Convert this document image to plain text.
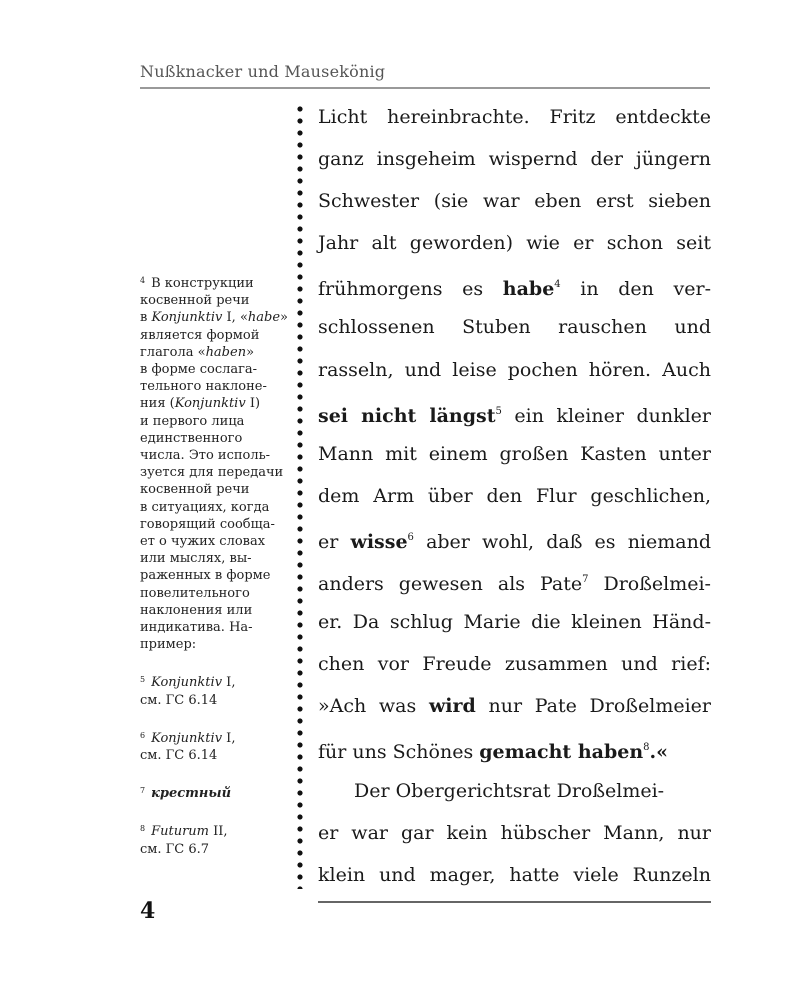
Nußknacker und Mausekönig
$^4$ В конструкции
косвенной речи
в Konjunktiv I, «habe»
является формой
глагола «haben»
в форме сослага-
тельного наклоне-
ния (Konjunktiv I)
и первого лица
единственного
числа. Это исполь-
зуется для передачи
косвенной речи
в ситуациях, когда
говорящий сообща-
ет о чужих словах
или мыслях, вы-
раженных в форме
повелительного
наклонения или
индикатива. На-
пример:
$^5$ Konjunktiv I,
см. ГС 6.14
$^6$ Konjunktiv I,
см. ГС 6.14
$^7$ крестный
$^8$ Futurum II,
см. ГС 6.7
Licht hereinbrachte. Fritz entdeckte
ganz insgeheim wispernd der jüngern
Schwester (sie war eben erst sieben
Jahr alt geworden) wie er schon seit
frühmorgens es habe$^4$ in den ver-
schlossenen Stuben rauschen und
rasseln, und leise pochen hören. Auch
sei nicht längst$^5$ ein kleiner dunkler
Mann mit einem großen Kasten unter
dem Arm über den Flur geschlichen,
er wisse$^6$ aber wohl, daß es niemand
anders gewesen als Pate$^7$ Droßelmei-
er. Da schlug Marie die kleinen Händ-
chen vor Freude zusammen und rief:
»Ach was wird nur Pate Droßelmeier
für uns Schönes gemacht haben$^8$.«
Der Obergerichtsrat Droßelmei-
er war gar kein hübscher Mann, nur
klein und mager, hatte viele Runzeln
4
